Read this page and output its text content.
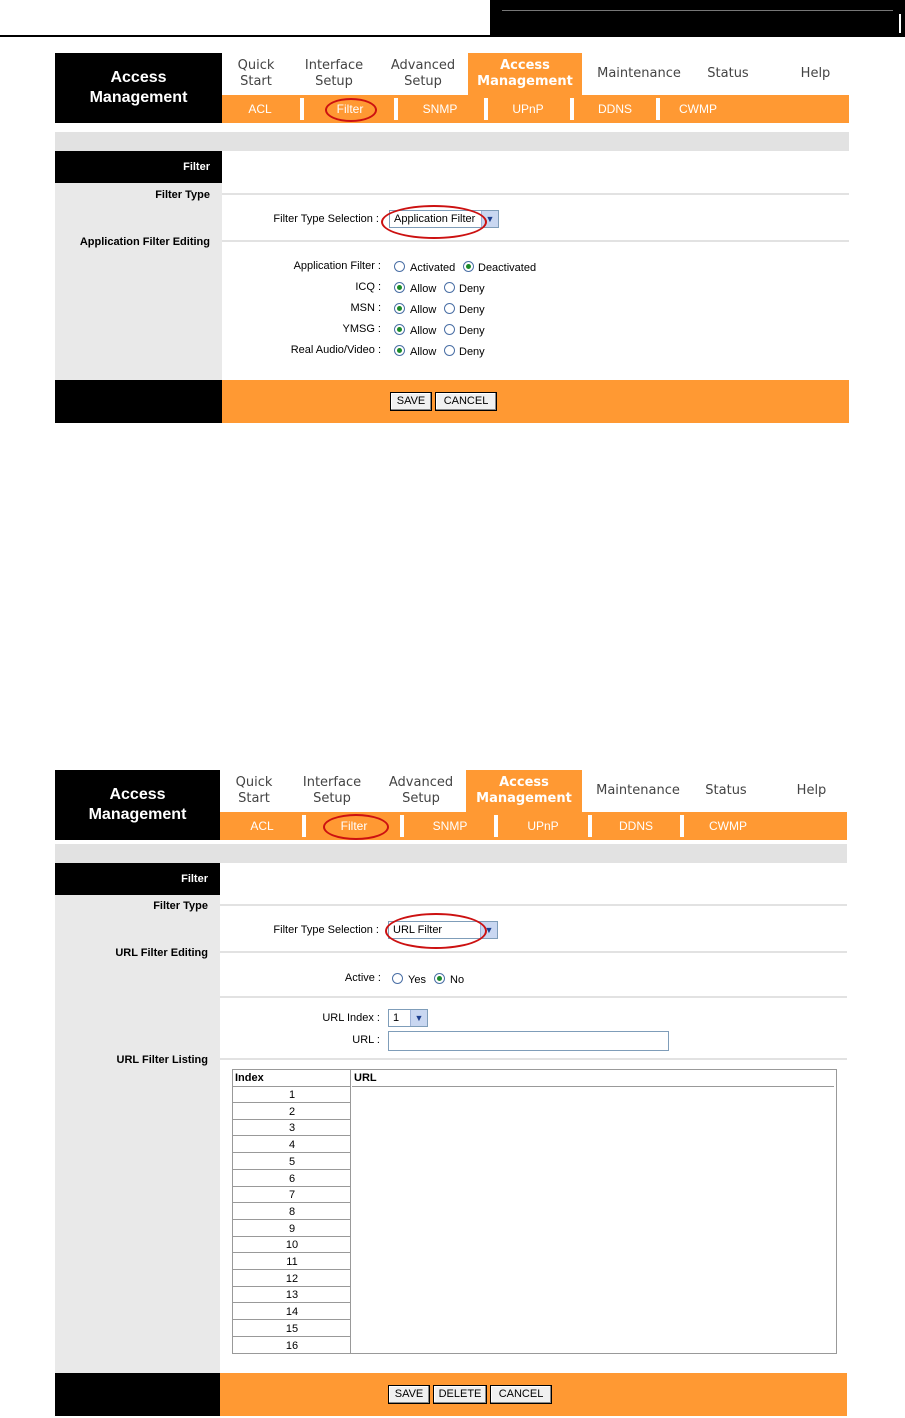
Access
Management
Quick
Start
Interface
Setup
Advanced
Setup
Access
Management
Maintenance	Status	Help
ACL	Filter	SNMP	UPnP	DDNS	CWMP
Filter
Filter Type
Filter Type Selection :	Application Filter	▼
Application Filter Editing
Application Filter :	Activated Deactivated
ICQ :	Allow Deny
MSN :	Allow Deny
YMSG :	Allow Deny
Real Audio/Video :	Allow Deny
SAVE	CANCEL
Access
Management
Quick
Start
Interface
Setup
Advanced
Setup
Access
Management
Maintenance	Status	Help
ACL	Filter	SNMP	UPnP	DDNS	CWMP
Filter
Filter Type
Filter Type Selection :	URL Filter	▼
URL Filter Editing
Active : Yes No
URL Index :	1	▼
URL :
URL Filter Listing
Index	URL
1
2
3
4
5
6
7
8
9
10
11
12
13
14
15
16
SAVE	DELETE	CANCEL
